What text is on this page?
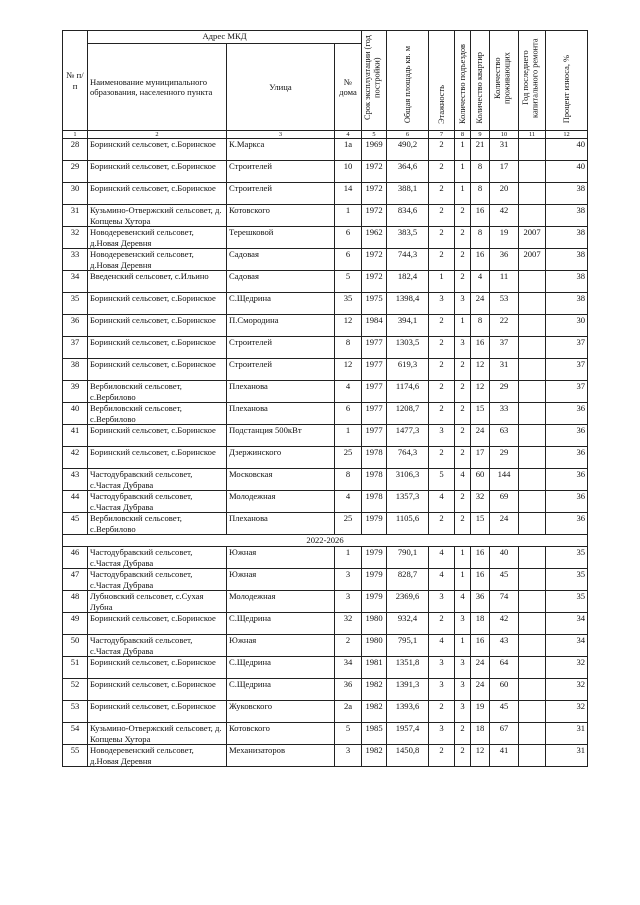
№ п/п	Адрес МКД			Срок эксплуатации (год постройки)	Общая площадь кв. м	Этажность	Количество подъездов	Количество квартир	Количество проживающих	Год последнего капитального ремонта	Процент износа, %
	Наименование муниципального образования, населенного пункта	Улица	№ дома								
1	2	3	4	5	6	7	8	9	10	11	12
28	Боринский сельсовет, с.Боринское	К.Маркса	1а	1969	490,2	2	1	21	31		40
29	Боринский сельсовет, с.Боринское	Строителей	10	1972	364,6	2	1	8	17		40
30	Боринский сельсовет, с.Боринское	Строителей	14	1972	388,1	2	1	8	20		38
31	Кузьмино-Отвержский сельсовет, д. Копцевы Хутора	Котовского	1	1972	834,6	2	2	16	42		38
32	Новодеревенский сельсовет, д.Новая Деревня	Терешковой	6	1962	383,5	2	2	8	19	2007	38
33	Новодеревенский сельсовет, д.Новая Деревня	Садовая	6	1972	744,3	2	2	16	36	2007	38
34	Введенский сельсовет, с.Ильино	Садовая	5	1972	182,4	1	2	4	11		38
35	Боринский сельсовет, с.Боринское	С.Щедрина	35	1975	1398,4	3	3	24	53		38
36	Боринский сельсовет, с.Боринское	П.Смородина	12	1984	394,1	2	1	8	22		30
37	Боринский сельсовет, с.Боринское	Строителей	8	1977	1303,5	2	3	16	37		37
38	Боринский сельсовет, с.Боринское	Строителей	12	1977	619,3	2	2	12	31		37
39	Вербиловский сельсовет, с.Вербилово	Плеханова	4	1977	1174,6	2	2	12	29		37
40	Вербиловский сельсовет, с.Вербилово	Плеханова	6	1977	1208,7	2	2	15	33		36
41	Боринский сельсовет, с.Боринское	Подстанция 500кВт	1	1977	1477,3	3	2	24	63		36
42	Боринский сельсовет, с.Боринское	Дзержинского	25	1978	764,3	2	2	17	29		36
43	Частодубравский сельсовет, с.Частая Дубрава	Московская	8	1978	3106,3	5	4	60	144		36
44	Частодубравский сельсовет, с.Частая Дубрава	Молодежная	4	1978	1357,3	4	2	32	69		36
45	Вербиловский сельсовет, с.Вербилово	Плеханова	25	1979	1105,6	2	2	15	24		36
2022-2026											
46	Частодубравский сельсовет, с.Частая Дубрава	Южная	1	1979	790,1	4	1	16	40		35
47	Частодубравский сельсовет, с.Частая Дубрава	Южная	3	1979	828,7	4	1	16	45		35
48	Лубновский сельсовет, с.Сухая Лубна	Молодежная	3	1979	2369,6	3	4	36	74		35
49	Боринский сельсовет, с.Боринское	С.Щедрина	32	1980	932,4	2	3	18	42		34
50	Частодубравский сельсовет, с.Частая Дубрава	Южная	2	1980	795,1	4	1	16	43		34
51	Боринский сельсовет, с.Боринское	С.Щедрина	34	1981	1351,8	3	3	24	64		32
52	Боринский сельсовет, с.Боринское	С.Щедрина	36	1982	1391,3	3	3	24	60		32
53	Боринский сельсовет, с.Боринское	Жуковского	2а	1982	1393,6	2	3	19	45		32
54	Кузьмино-Отвержский сельсовет, д. Копцевы Хутора	Котовского	5	1985	1957,4	3	2	18	67		31
55	Новодеревенский сельсовет, д.Новая Деревня	Механизаторов	3	1982	1450,8	2	2	12	41		31
